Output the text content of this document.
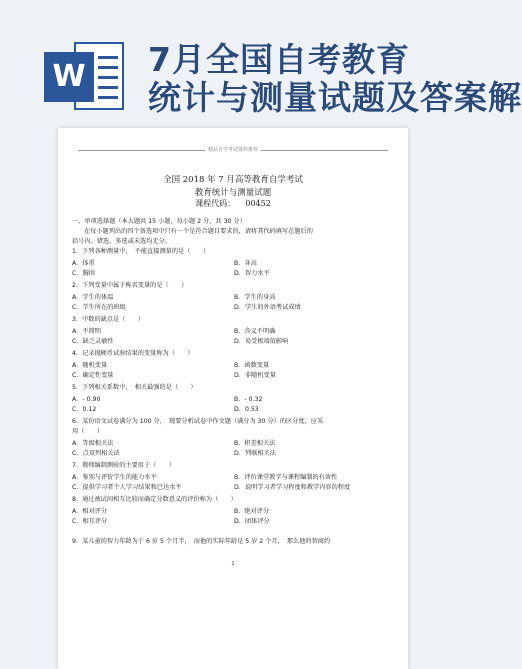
W 7月全国自考教育
统计与测量试题及答案解
精品自学考试资料推荐
全国 2018 年 7 月高等教育自学考试
教育统计与测量试题
课程代码： 00452
一、单项选择题（本大题共 15 小题，每小题 2 分，共 30 分）
在每小题列出的四个备选项中只有一个是符合题目要求的，请将其代码填写在题后的
括号内。错选、多选或未选均无分。
1．下列各种测量中，　不能直接测量的是（　　）
A．体重	B．身高
C．胸围	D．智力水平
2．下列变量中属于称名变量的是（　　）
A．学生的体温	B．学生的身高
C．学生所在的班级	D．学生的外语考试成绩
3．中数的缺点是（　　）
A．不简明	B．含义不明确
C．缺乏灵敏性	D．易受极端值影响
4．记录抛硬币试验结果的变量称为（　　）
A．随机变量	B．函数变量
C．确定性变量	D．非随机变量
5．下列相关系数中，　相关最强的是（　　）
A．- 0.90	B．- 0.32
C．0.12	D．0.53
6．某份语文试卷满分为 100 分，　现要分析试卷中作文题（满分为 30 分）的区分度，应采
用（　　）
A．等级相关法	B．积差相关法
C．点双列相关法	D．列联相关法
7．教师编制测验的主要用于（　　）
A．鉴别与评价学生的能力水平	B．评价课堂教学与课程编制的有效性
C．提供学习者个人学习结果和已达水平	D．说明学习者学习程度和教学内容的程度
8．通过被试间相互比较而确定分数意义的评价称为（　　）
A．相对评分	B．绝对评分
C．相互评分	D．团体评分
9．某儿童的智力年龄为于 6 岁 5 个月半，　而他的实际年龄是 5 岁 2 个月，　那么他的智商约
1
